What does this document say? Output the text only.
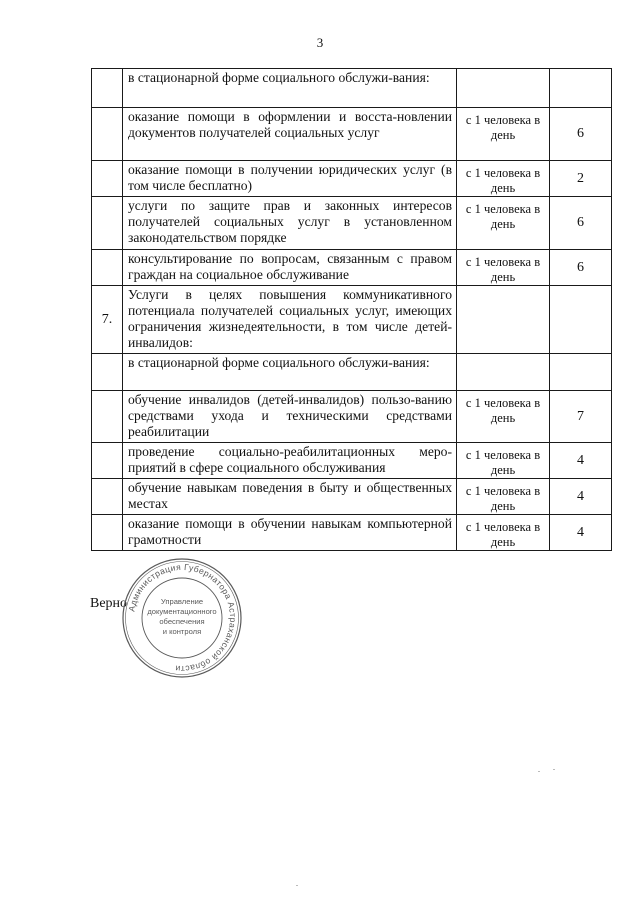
3

	в стационарной форме социального обслужи-вания:		

	оказание помощи в оформлении и восста-новлении документов получателей социальных услуг	с 1 человека в день	6

	оказание помощи в получении юридических услуг (в том числе бесплатно)	с 1 человека в день	2

	услуги по защите прав и законных интересов получателей социальных услуг в установленном законодательством порядке	с 1 человека в день	6

	консультирование по вопросам, связанным с правом граждан на социальное обслуживание	с 1 человека в день	6
7.	Услуги в целях повышения коммуникативного потенциала получателей социальных услуг, имеющих ограничения жизнедеятельности, в том числе детей-инвалидов:		

	в стационарной форме социального обслужи-вания:		

	обучение инвалидов (детей-инвалидов) пользо-ванию средствами ухода и техническими средствами реабилитации	с 1 человека в день	7

	проведение социально-реабилитационных меро-приятий в сфере социального обслуживания	с 1 человека в день	4

	обучение навыкам поведения в быту и общественных местах	с 1 человека в день	4

	оказание помощи в обучении навыкам компьютерной грамотности	с 1 человека в день	4
Верно Администрация Губернатора Астраханской области
Управление
документационного
обеспечения
и контроля
